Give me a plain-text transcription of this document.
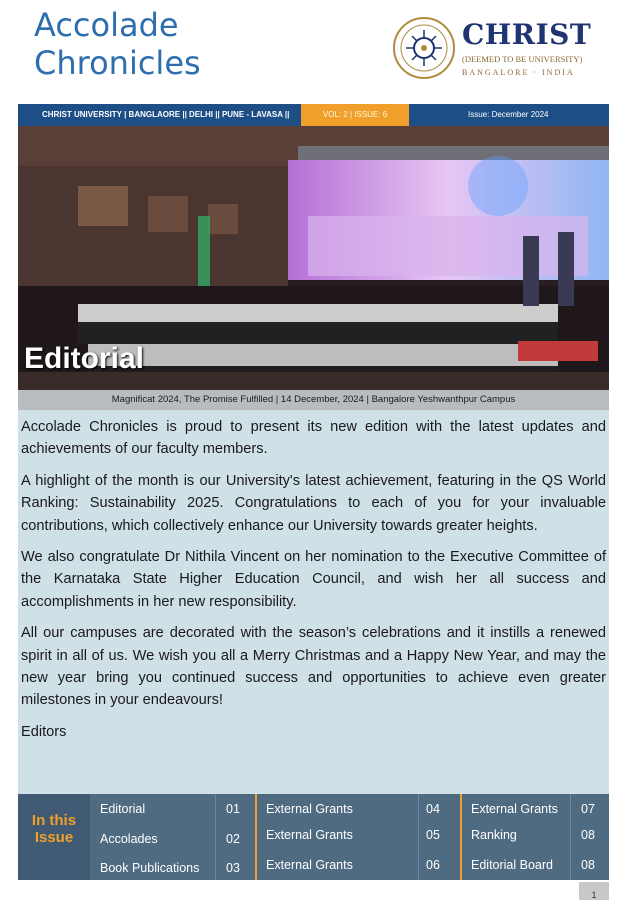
Accolade
Chronicles
CHRIST
(DEEMED TO BE UNIVERSITY)
BANGALORE · INDIA
CHRIST UNIVERSITY | BANGLAORE || DELHI || PUNE - LAVASA ||	VOL: 2 | ISSUE: 6	Issue: December 2024
Editorial
Magnificat 2024, The Promise Fulfilled | 14 December, 2024 | Bangalore Yeshwanthpur Campus

Accolade Chronicles is proud to present its new edition with the latest updates and achievements of our faculty members.

A highlight of the month is our University's latest achievement, featuring in the QS World Ranking: Sustainability 2025. Congratulations to each of you for your invaluable contributions, which collectively enhance our University towards greater heights.

We also congratulate Dr Nithila Vincent on her nomination to the Executive Committee of the Karnataka State Higher Education Council, and wish her all success and accomplishments in her new responsibility.

All our campuses are decorated with the season’s celebrations and it instills a renewed spirit in all of us. We wish you all a Merry Christmas and a Happy New Year, and may the new year bring you continued success and opportunities to achieve even greater milestones in your endeavours!

Editors

In this
Issue
Editorial	01
Accolades	02
Book Publications 03
External Grants	04
External Grants	05
External Grants	06
External Grants 07
Ranking	08
Editorial Board 08
1
